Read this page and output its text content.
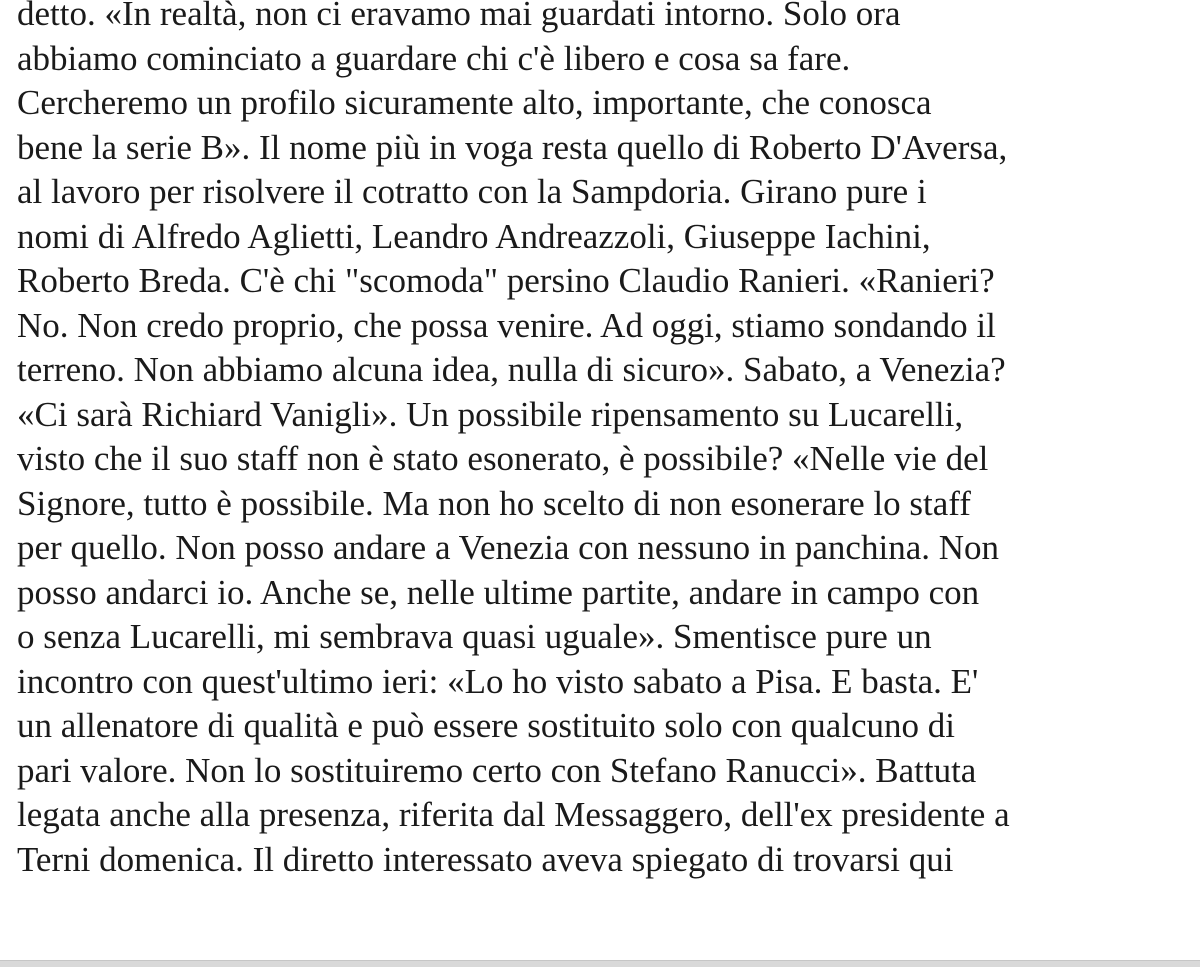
detto. «In realtà, non ci eravamo mai guardati intorno. Solo ora
abbiamo cominciato a guardare chi c'è libero e cosa sa fare.
Cercheremo un profilo sicuramente alto, importante, che conosca
bene la serie B». Il nome più in voga resta quello di Roberto D'Aversa,
al lavoro per risolvere il cotratto con la Sampdoria. Girano pure i
nomi di Alfredo Aglietti, Leandro Andreazzoli, Giuseppe Iachini,
Roberto Breda. C'è chi "scomoda" persino Claudio Ranieri. «Ranieri?
No. Non credo proprio, che possa venire. Ad oggi, stiamo sondando il
terreno. Non abbiamo alcuna idea, nulla di sicuro». Sabato, a Venezia?
«Ci sarà Richiard Vanigli». Un possibile ripensamento su Lucarelli,
visto che il suo staff non è stato esonerato, è possibile? «Nelle vie del
Signore, tutto è possibile. Ma non ho scelto di non esonerare lo staff
per quello. Non posso andare a Venezia con nessuno in panchina. Non
posso andarci io. Anche se, nelle ultime partite, andare in campo con
o senza Lucarelli, mi sembrava quasi uguale». Smentisce pure un
incontro con quest'ultimo ieri: «Lo ho visto sabato a Pisa. E basta. E'
un allenatore di qualità e può essere sostituito solo con qualcuno di
pari valore. Non lo sostituiremo certo con Stefano Ranucci». Battuta
legata anche alla presenza, riferita dal Messaggero, dell'ex presidente a
Terni domenica. Il diretto interessato aveva spiegato di trovarsi qui
